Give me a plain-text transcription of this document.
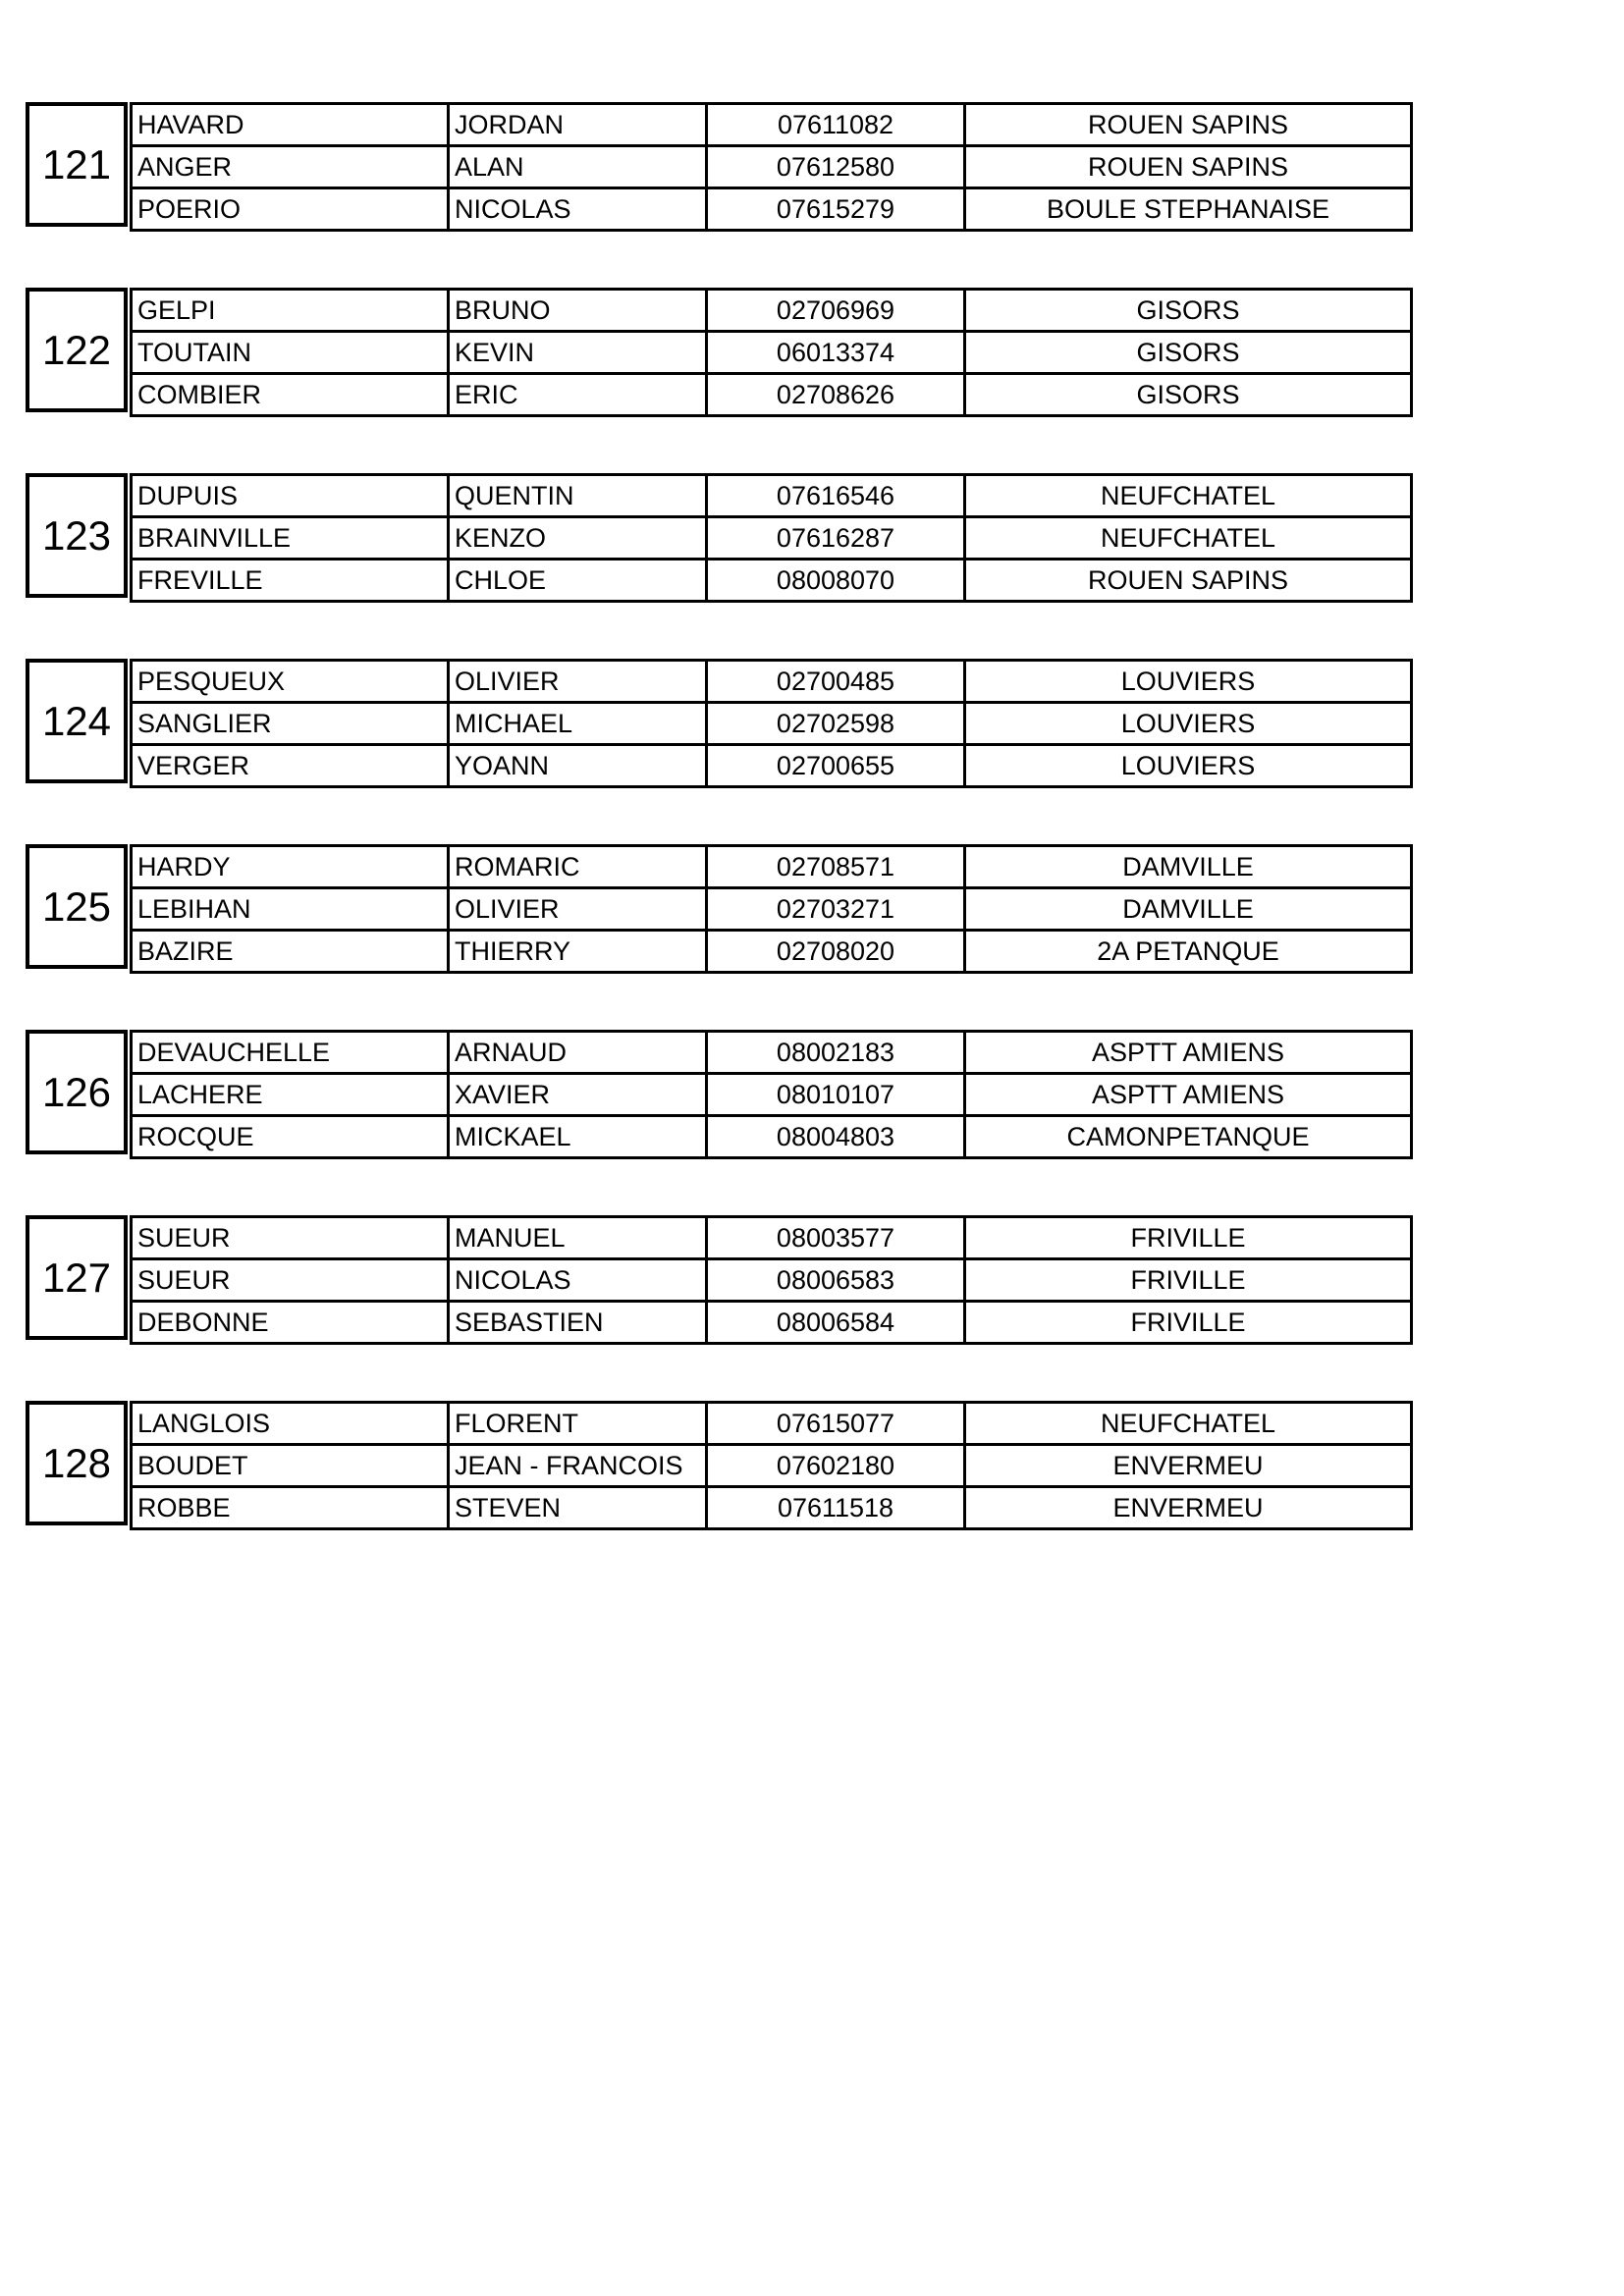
121
HAVARD	JORDAN	07611082	ROUEN SAPINS
ANGER	ALAN	07612580	ROUEN SAPINS
POERIO	NICOLAS	07615279	BOULE STEPHANAISE
122
GELPI	BRUNO	02706969	GISORS
TOUTAIN	KEVIN	06013374	GISORS
COMBIER	ERIC	02708626	GISORS
123
DUPUIS	QUENTIN	07616546	NEUFCHATEL
BRAINVILLE	KENZO	07616287	NEUFCHATEL
FREVILLE	CHLOE	08008070	ROUEN SAPINS
124
PESQUEUX	OLIVIER	02700485	LOUVIERS
SANGLIER	MICHAEL	02702598	LOUVIERS
VERGER	YOANN	02700655	LOUVIERS
125
HARDY	ROMARIC	02708571	DAMVILLE
LEBIHAN	OLIVIER	02703271	DAMVILLE
BAZIRE	THIERRY	02708020	2A PETANQUE
126
DEVAUCHELLE	ARNAUD	08002183	ASPTT AMIENS
LACHERE	XAVIER	08010107	ASPTT AMIENS
ROCQUE	MICKAEL	08004803	CAMONPETANQUE
127
SUEUR	MANUEL	08003577	FRIVILLE
SUEUR	NICOLAS	08006583	FRIVILLE
DEBONNE	SEBASTIEN	08006584	FRIVILLE
128
LANGLOIS	FLORENT	07615077	NEUFCHATEL
BOUDET	JEAN - FRANCOIS	07602180	ENVERMEU
ROBBE	STEVEN	07611518	ENVERMEU
